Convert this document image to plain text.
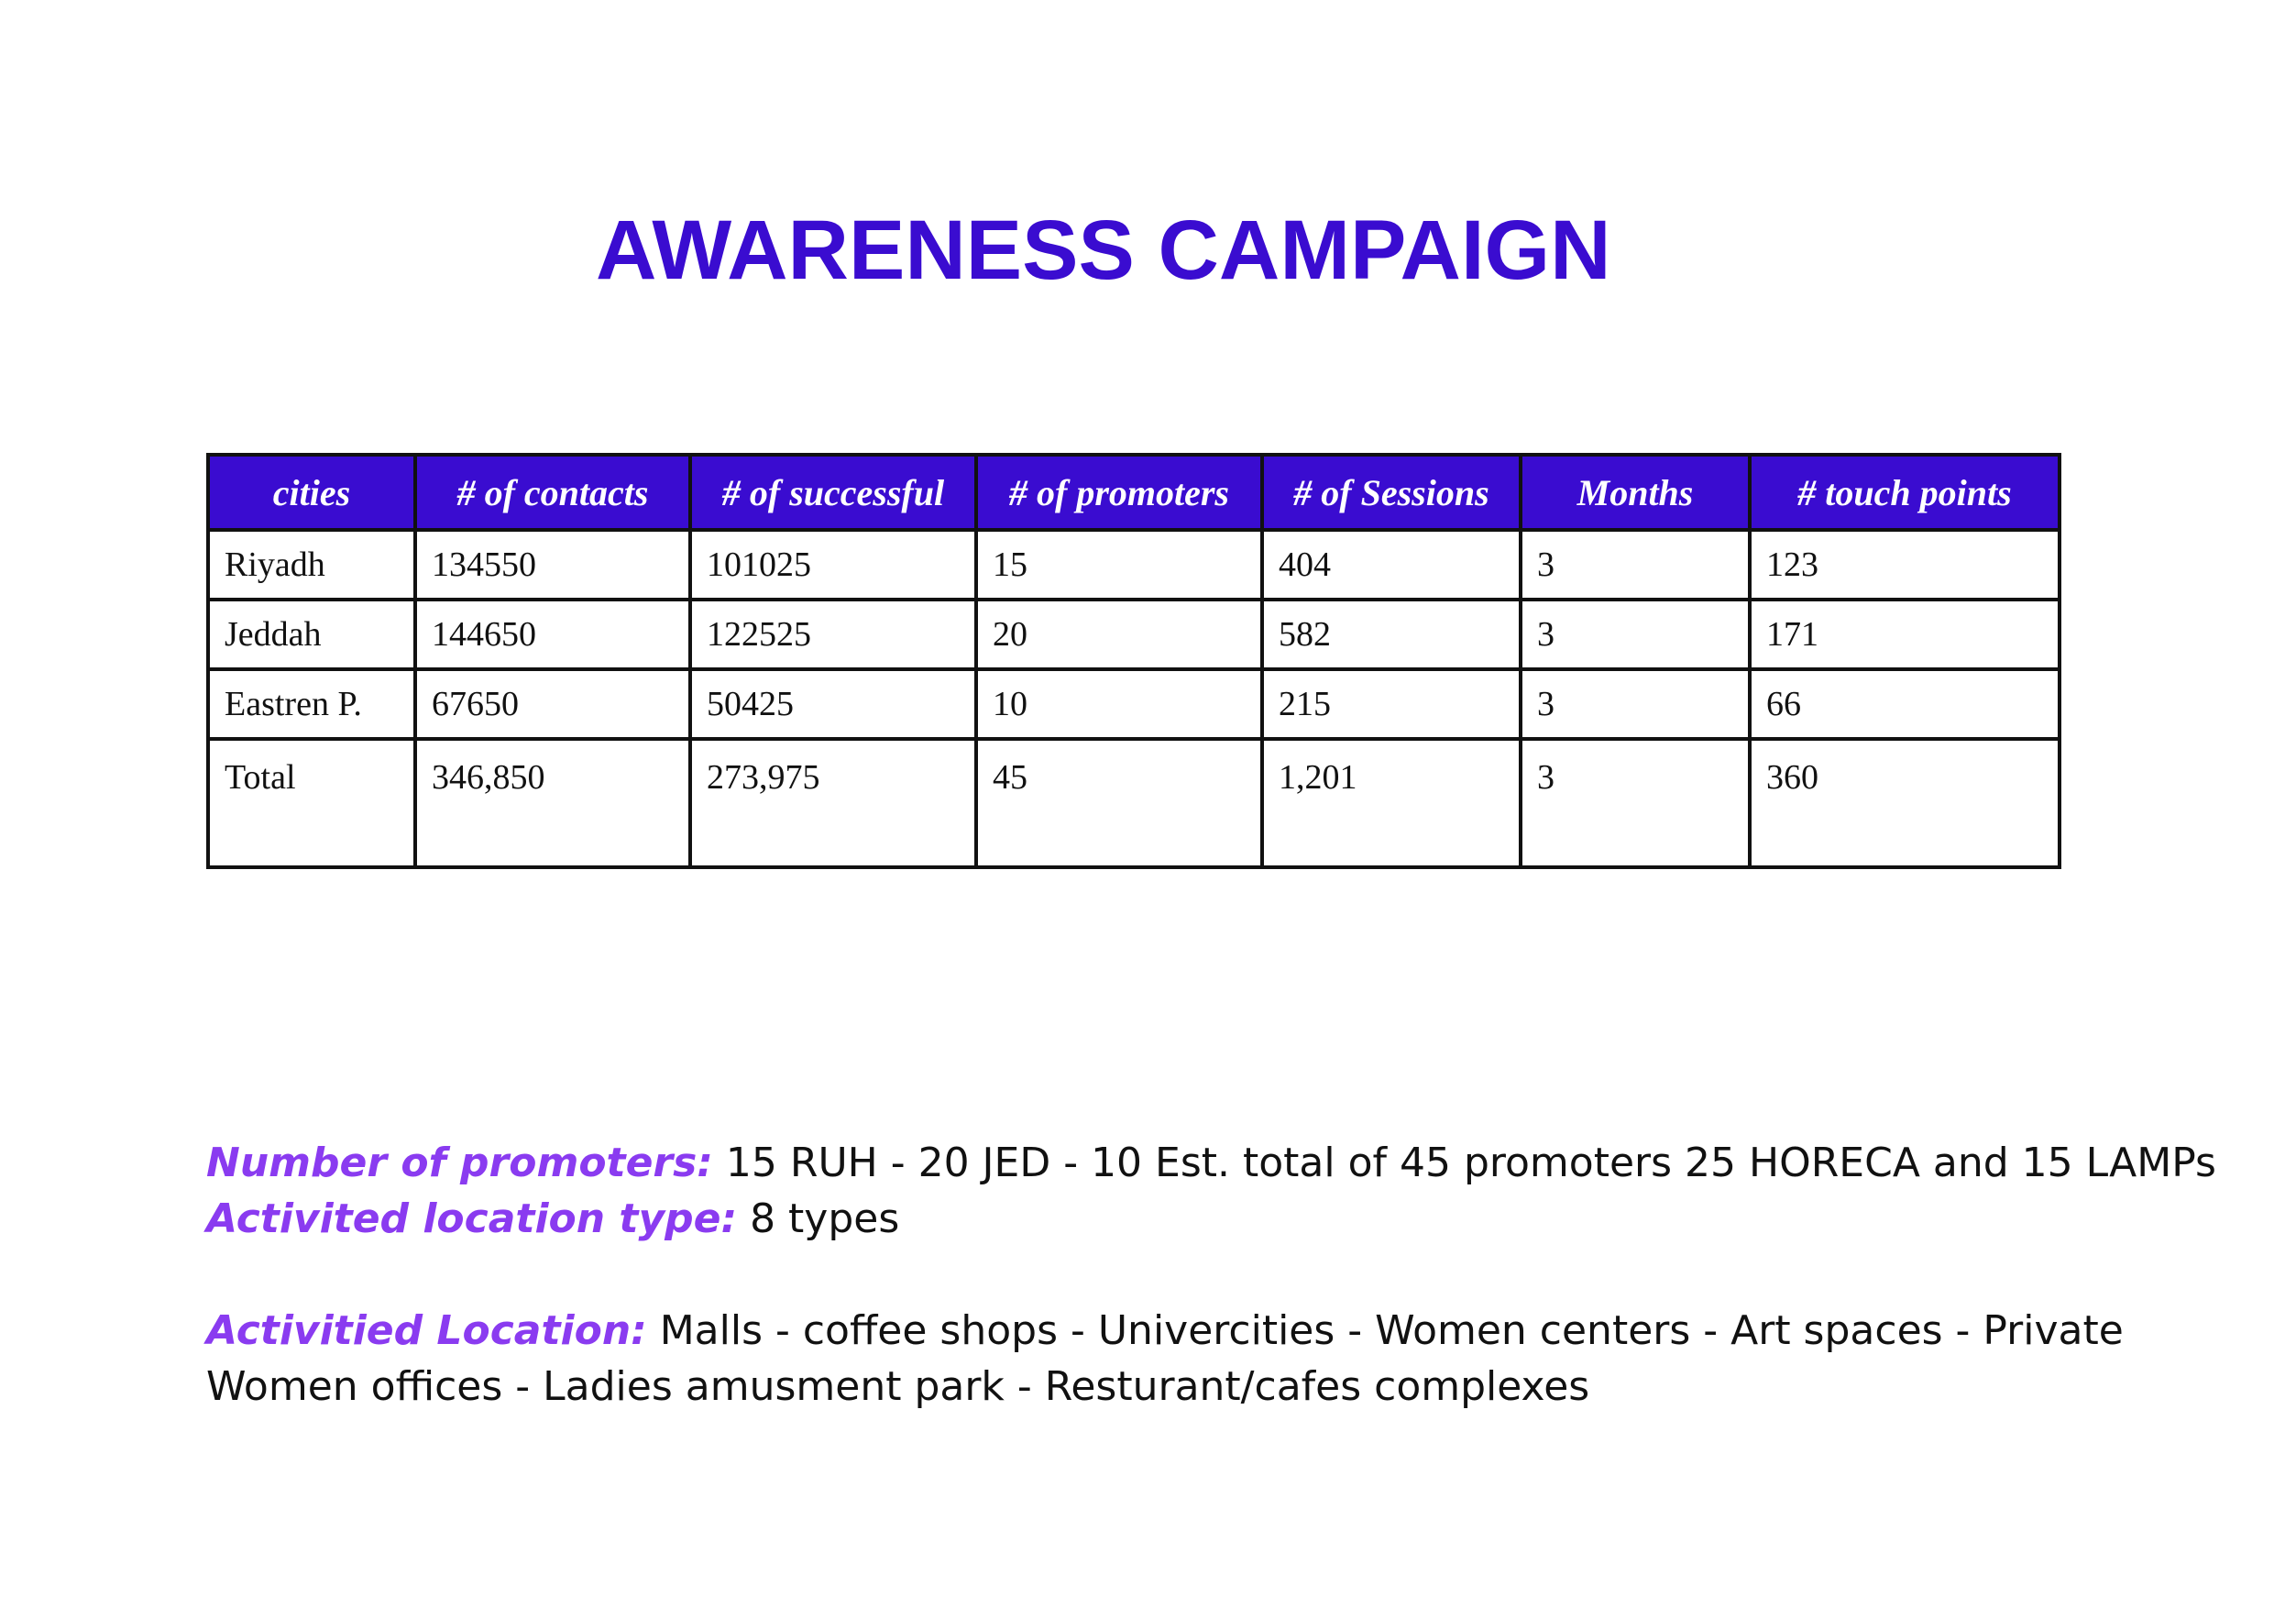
AWARENESS CAMPAIGN
cities	# of contacts	# of successful	# of promoters	# of Sessions	Months	# touch points
Riyadh	134550	101025	15	404	3	123
Jeddah	144650	122525	20	582	3	171
Eastren P.	67650	50425	10	215	3	66
Total	346,850	273,975	45	1,201	3	360

Number of promoters: 15 RUH - 20 JED - 10 Est. total of 45 promoters 25 HORECA and 15 LAMPs

Activited location type: 8 types

Activitied Location: Malls - coffee shops - Univercities - Women centers - Art spaces - Private Women offices - Ladies amusment park - Resturant/cafes complexes
